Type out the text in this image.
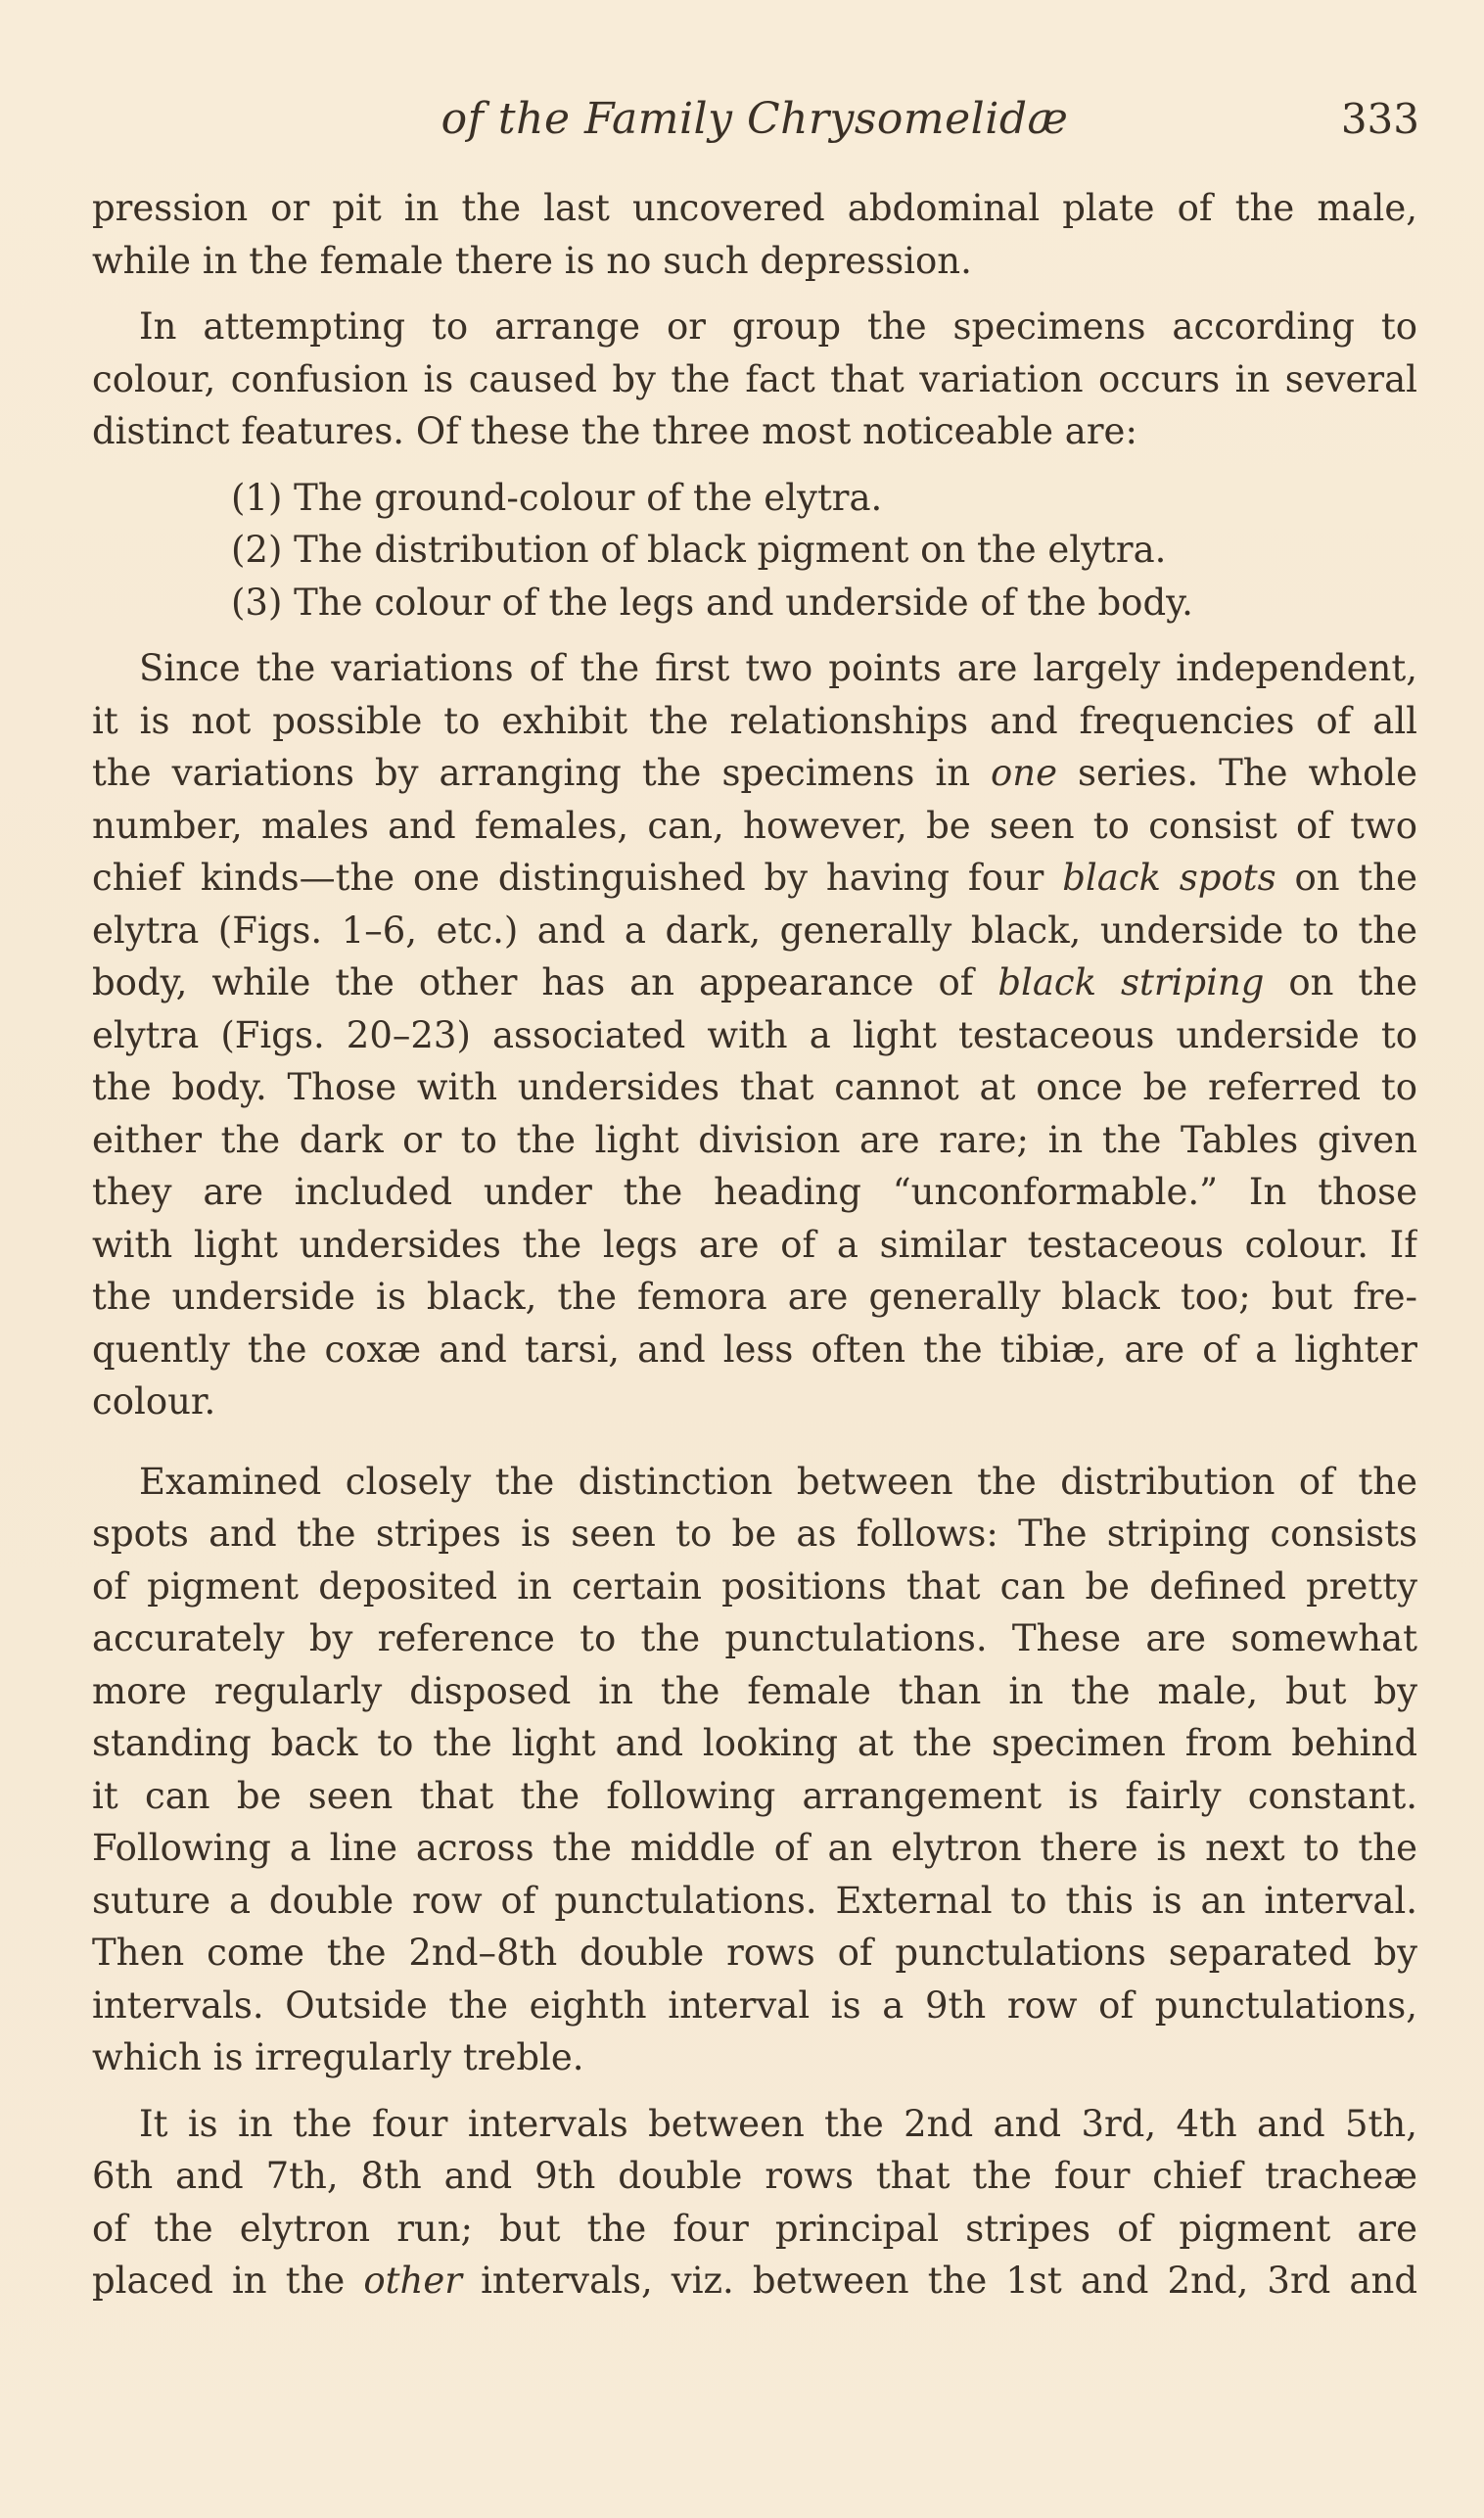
of the Family Chrysomelidæ	333
pression or pit in the last uncovered abdominal plate of the male,
while in the female there is no such depression.
In attempting to arrange or group the specimens according to
colour, confusion is caused by the fact that variation occurs in several
distinct features. Of these the three most noticeable are:
(1) The ground-colour of the elytra.
(2) The distribution of black pigment on the elytra.
(3) The colour of the legs and underside of the body.
Since the variations of the first two points are largely independent,
it is not possible to exhibit the relationships and frequencies of all
the variations by arranging the specimens in one series. The whole
number, males and females, can, however, be seen to consist of two
chief kinds—the one distinguished by having four black spots on the
elytra (Figs. 1–6, etc.) and a dark, generally black, underside to the
body, while the other has an appearance of black striping on the
elytra (Figs. 20–23) associated with a light testaceous underside to
the body. Those with undersides that cannot at once be referred to
either the dark or to the light division are rare; in the Tables given
they are included under the heading “unconformable.” In those
with light undersides the legs are of a similar testaceous colour. If
the underside is black, the femora are generally black too; but fre-
quently the coxæ and tarsi, and less often the tibiæ, are of a lighter
colour.
Examined closely the distinction between the distribution of the
spots and the stripes is seen to be as follows: The striping consists
of pigment deposited in certain positions that can be defined pretty
accurately by reference to the punctulations. These are somewhat
more regularly disposed in the female than in the male, but by
standing back to the light and looking at the specimen from behind
it can be seen that the following arrangement is fairly constant.
Following a line across the middle of an elytron there is next to the
suture a double row of punctulations. External to this is an interval.
Then come the 2nd–8th double rows of punctulations separated by
intervals. Outside the eighth interval is a 9th row of punctulations,
which is irregularly treble.
It is in the four intervals between the 2nd and 3rd, 4th and 5th,
6th and 7th, 8th and 9th double rows that the four chief tracheæ
of the elytron run; but the four principal stripes of pigment are
placed in the other intervals, viz. between the 1st and 2nd, 3rd and
